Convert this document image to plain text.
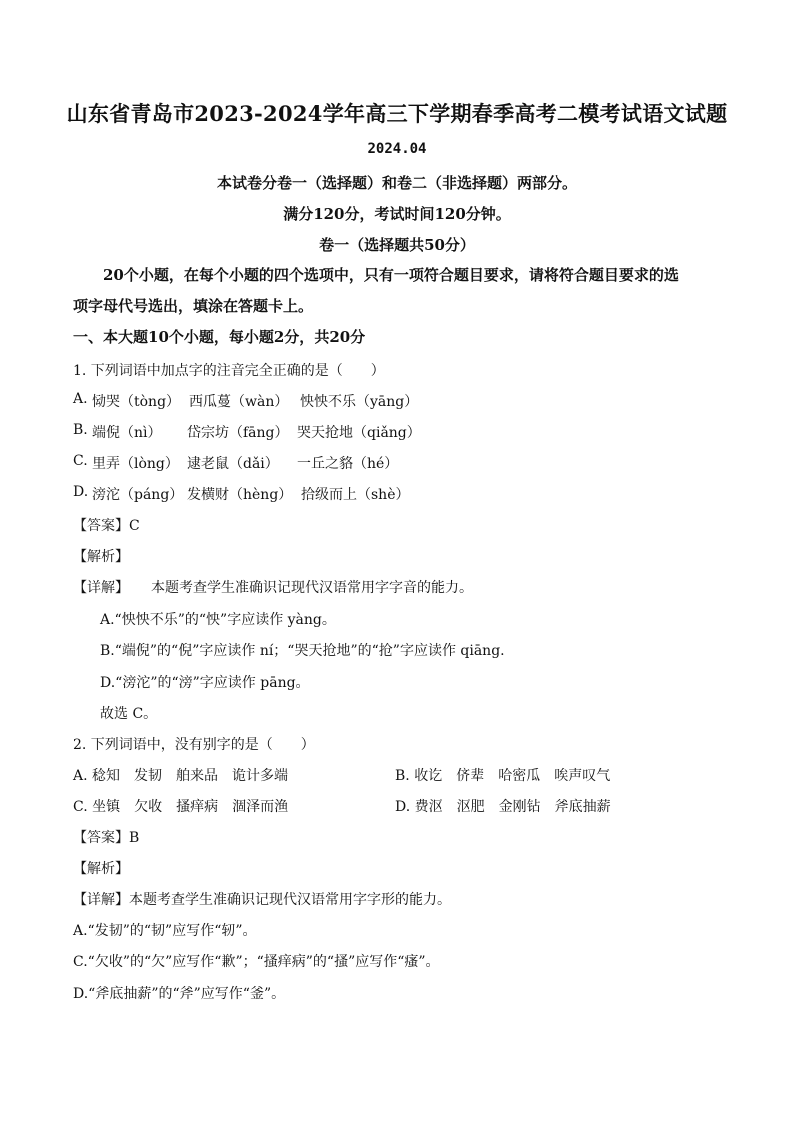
山东省青岛市2023-2024学年高三下学期春季高考二模考试语文试题
2024.04
本试卷分卷一（选择题）和卷二（非选择题）两部分。
满分120分，考试时间120分钟。
卷一（选择题共50分）
20个小题，在每个小题的四个选项中，只有一项符合题目要求，请将符合题目要求的选
项字母代号选出，填涂在答题卡上。
一、本大题10个小题，每小题2分，共20分
1. 下列词语中加点字的注音完全正确的是（　　）
A. 恸哭（tòng） 西瓜蔓（wàn） 怏怏不乐（yāng）
B. 端倪（nì） 岱宗坊（fāng） 哭天抢地（qiǎng）
C. 里弄（lòng） 逮老鼠（dǎi） 一丘之貉（hé）
D. 滂沱（páng） 发横财（hèng） 拾级而上（shè）
【答案】C
【解析】
【详解】 本题考查学生准确识记现代汉语常用字字音的能力。
A.“怏怏不乐”的“怏”字应读作 yàng。
B.“端倪”的“倪”字应读作 ní；“哭天抢地”的“抢”字应读作 qiāng.
D.“滂沱”的“滂”字应读作 pāng。
故选 C。
2. 下列词语中，没有别字的是（　　）
A. 稔知　发韧　舶来品　诡计多端	B. 收讫　侪辈　哈密瓜　唉声叹气
C. 坐镇　欠收　搔痒病　涸泽而渔	D. 费沤　沤肥　金刚钻　斧底抽薪
【答案】B
【解析】
【详解】本题考查学生准确识记现代汉语常用字字形的能力。
A.“发韧”的“韧”应写作“轫”。
C.“欠收”的“欠”应写作“歉”；“搔痒病”的“搔”应写作“瘙”。
D.“斧底抽薪”的“斧”应写作“釜”。
